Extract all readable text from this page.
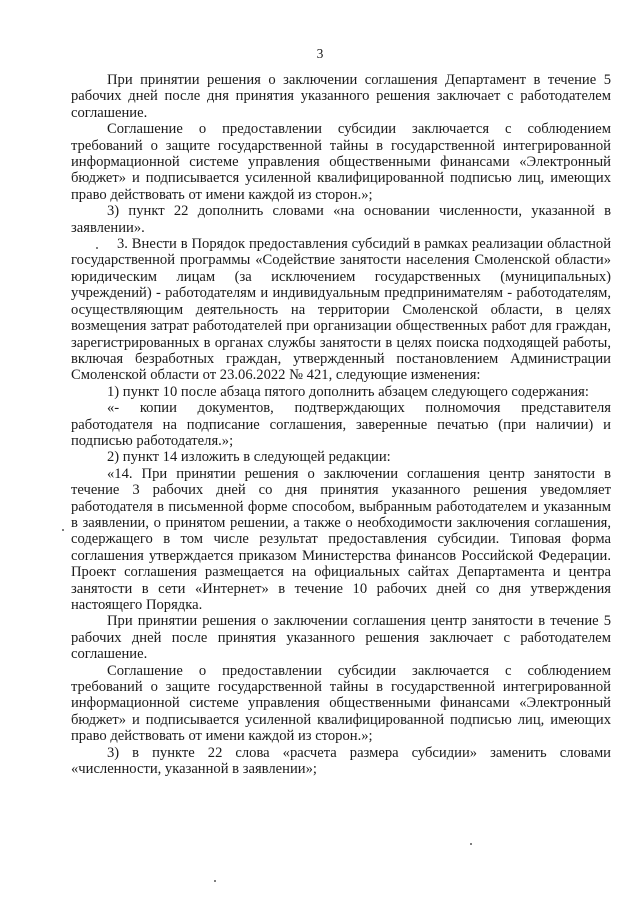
3

При принятии решения о заключении соглашения Департамент в течение 5 рабочих дней после дня принятия указанного решения заключает с работодателем соглашение.

Соглашение о предоставлении субсидии заключается с соблюдением требований о защите государственной тайны в государственной интегрированной информационной системе управления общественными финансами «Электронный бюджет» и подписывается усиленной квалифицированной подписью лиц, имеющих право действовать от имени каждой из сторон.»;

3) пункт 22 дополнить словами «на основании численности, указанной в заявлении».

3. Внести в Порядок предоставления субсидий в рамках реализации областной государственной программы «Содействие занятости населения Смоленской области» юридическим лицам (за исключением государственных (муниципальных) учреждений) - работодателям и индивидуальным предпринимателям - работодателям, осуществляющим деятельность на территории Смоленской области, в целях возмещения затрат работодателей при организации общественных работ для граждан, зарегистрированных в органах службы занятости в целях поиска подходящей работы, включая безработных граждан, утвержденный постановлением Администрации Смоленской области от 23.06.2022 № 421, следующие изменения:

1) пункт 10 после абзаца пятого дополнить абзацем следующего содержания:

«- копии документов, подтверждающих полномочия представителя работодателя на подписание соглашения, заверенные печатью (при наличии) и подписью работодателя.»;

2) пункт 14 изложить в следующей редакции:

«14. При принятии решения о заключении соглашения центр занятости в течение 3 рабочих дней со дня принятия указанного решения уведомляет работодателя в письменной форме способом, выбранным работодателем и указанным в заявлении, о принятом решении, а также о необходимости заключения соглашения, содержащего в том числе результат предоставления субсидии. Типовая форма соглашения утверждается приказом Министерства финансов Российской Федерации. Проект соглашения размещается на официальных сайтах Департамента и центра занятости в сети «Интернет» в течение 10 рабочих дней со дня утверждения настоящего Порядка.

При принятии решения о заключении соглашения центр занятости в течение 5 рабочих дней после принятия указанного решения заключает с работодателем соглашение.

Соглашение о предоставлении субсидии заключается с соблюдением требований о защите государственной тайны в государственной интегрированной информационной системе управления общественными финансами «Электронный бюджет» и подписывается усиленной квалифицированной подписью лиц, имеющих право действовать от имени каждой из сторон.»;

3) в пункте 22 слова «расчета размера субсидии» заменить словами «численности, указанной в заявлении»;
